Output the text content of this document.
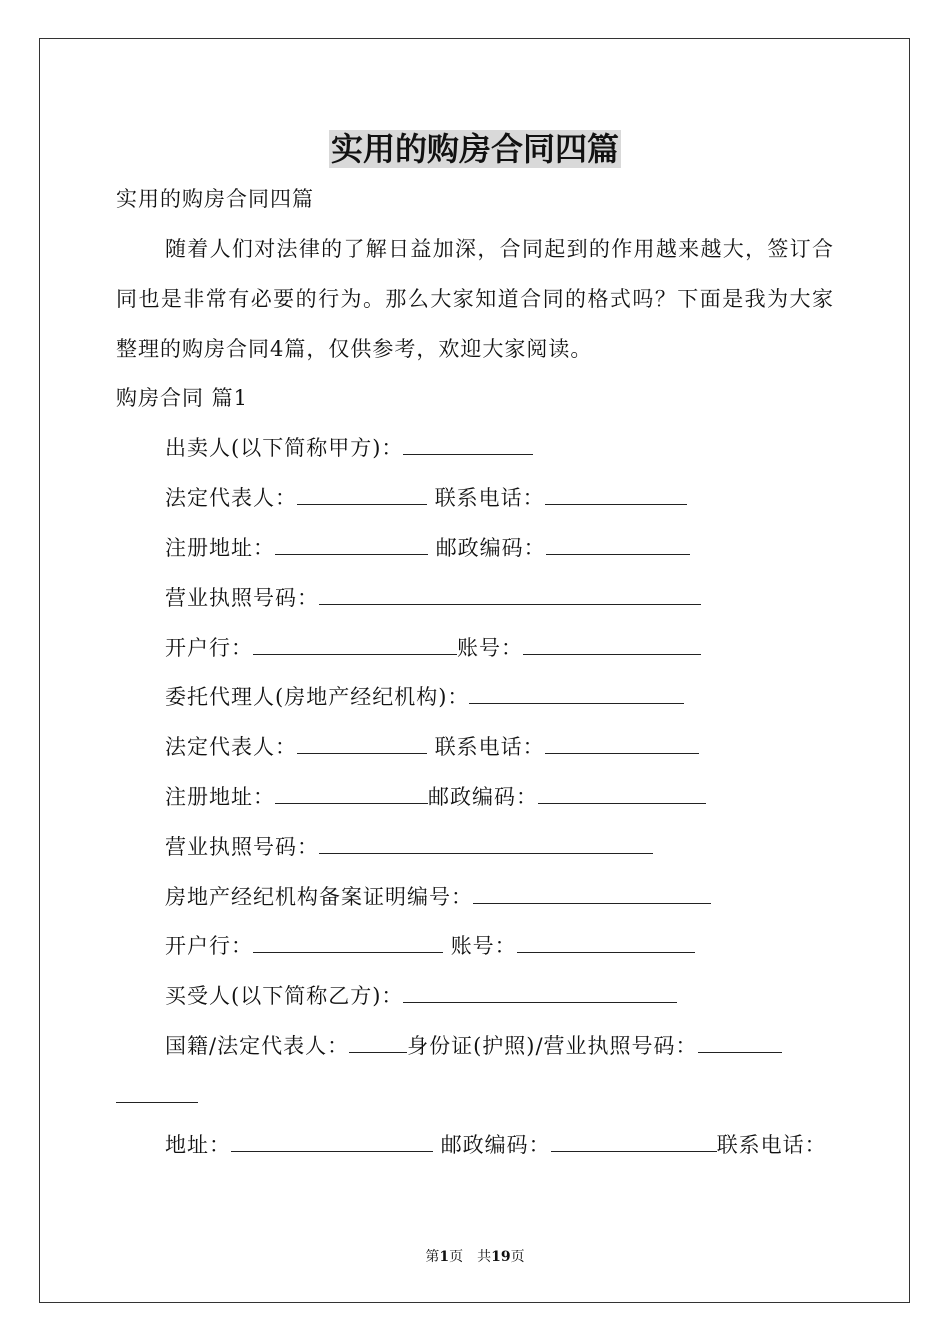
实用的购房合同四篇
实用的购房合同四篇
随着人们对法律的了解日益加深，合同起到的作用越来越大，签订合同也是非常有必要的行为。那么大家知道合同的格式吗？下面是我为大家整理的购房合同4篇，仅供参考，欢迎大家阅读。
购房合同 篇1
出卖人(以下简称甲方)：
法定代表人：	联系电话：
注册地址：	邮政编码：
营业执照号码：
开户行：	账号：
委托代理人(房地产经纪机构)：
法定代表人：	联系电话：
注册地址：	邮政编码：
营业执照号码：
房地产经纪机构备案证明编号：
开户行：	账号：
买受人(以下简称乙方)：
国籍/法定代表人：	身份证(护照)/营业执照号码：
地址：	邮政编码：	联系电话：
第1页　共19页
